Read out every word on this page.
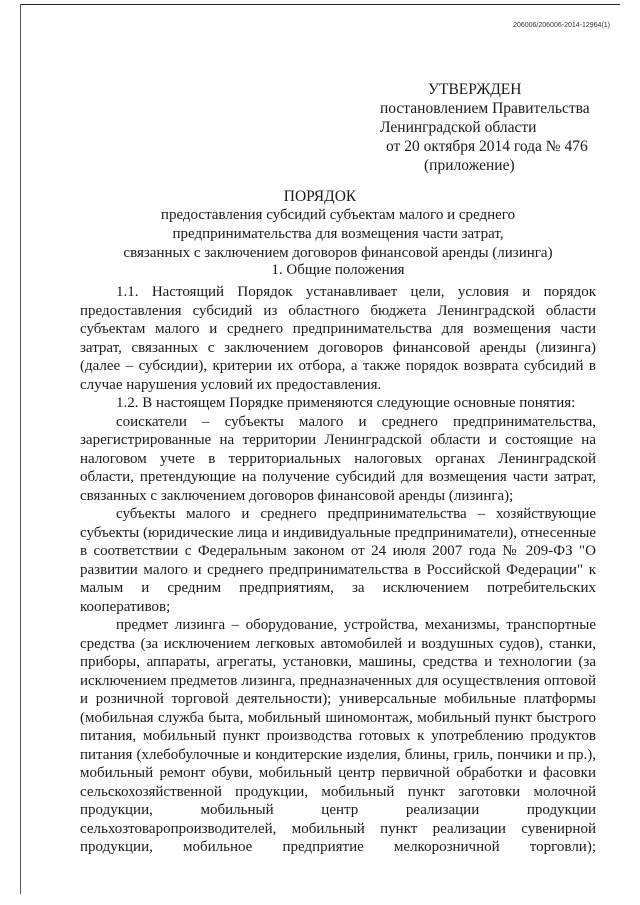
206006/206006-2014-12964(1)
УТВЕРЖДЕН
постановлением Правительства
Ленинградской области
от 20 октября 2014 года № 476
(приложение)
ПОРЯДОК
предоставления субсидий субъектам малого и среднего
предпринимательства для возмещения части затрат,
связанных с заключением договоров финансовой аренды (лизинга)
1. Общие положения

1.1. Настоящий Порядок устанавливает цели, условия и порядок предоставления субсидий из областного бюджета Ленинградской области субъектам малого и среднего предпринимательства для возмещения части затрат, связанных с заключением договоров финансовой аренды (лизинга) (далее – субсидии), критерии их отбора, а также порядок возврата субсидий в случае нарушения условий их предоставления.

1.2. В настоящем Порядке применяются следующие основные понятия:

соискатели – субъекты малого и среднего предпринимательства, зарегистрированные на территории Ленинградской области и состоящие на налоговом учете в территориальных налоговых органах Ленинградской области, претендующие на получение субсидий для возмещения части затрат, связанных с заключением договоров финансовой аренды (лизинга);

субъекты малого и среднего предпринимательства – хозяйствующие субъекты (юридические лица и индивидуальные предприниматели), отнесенные в соответствии с Федеральным законом от 24 июля 2007 года № 209-ФЗ "О развитии малого и среднего предпринимательства в Российской Федерации" к малым и средним предприятиям, за исключением потребительских кооперативов;

предмет лизинга – оборудование, устройства, механизмы, транспортные средства (за исключением легковых автомобилей и воздушных судов), станки, приборы, аппараты, агрегаты, установки, машины, средства и технологии (за исключением предметов лизинга, предназначенных для осуществления оптовой и розничной торговой деятельности); универсальные мобильные платформы (мобильная служба быта, мобильный шиномонтаж, мобильный пункт быстрого питания, мобильный пункт производства готовых к употреблению продуктов питания (хлебобулочные и кондитерские изделия, блины, гриль, пончики и пр.), мобильный ремонт обуви, мобильный центр первичной обработки и фасовки сельскохозяйственной продукции, мобильный пункт заготовки молочной продукции, мобильный центр реализации продукции сельхозтоваропроизводителей, мобильный пункт реализации сувенирной продукции, мобильное предприятие мелкорозничной торговли);
